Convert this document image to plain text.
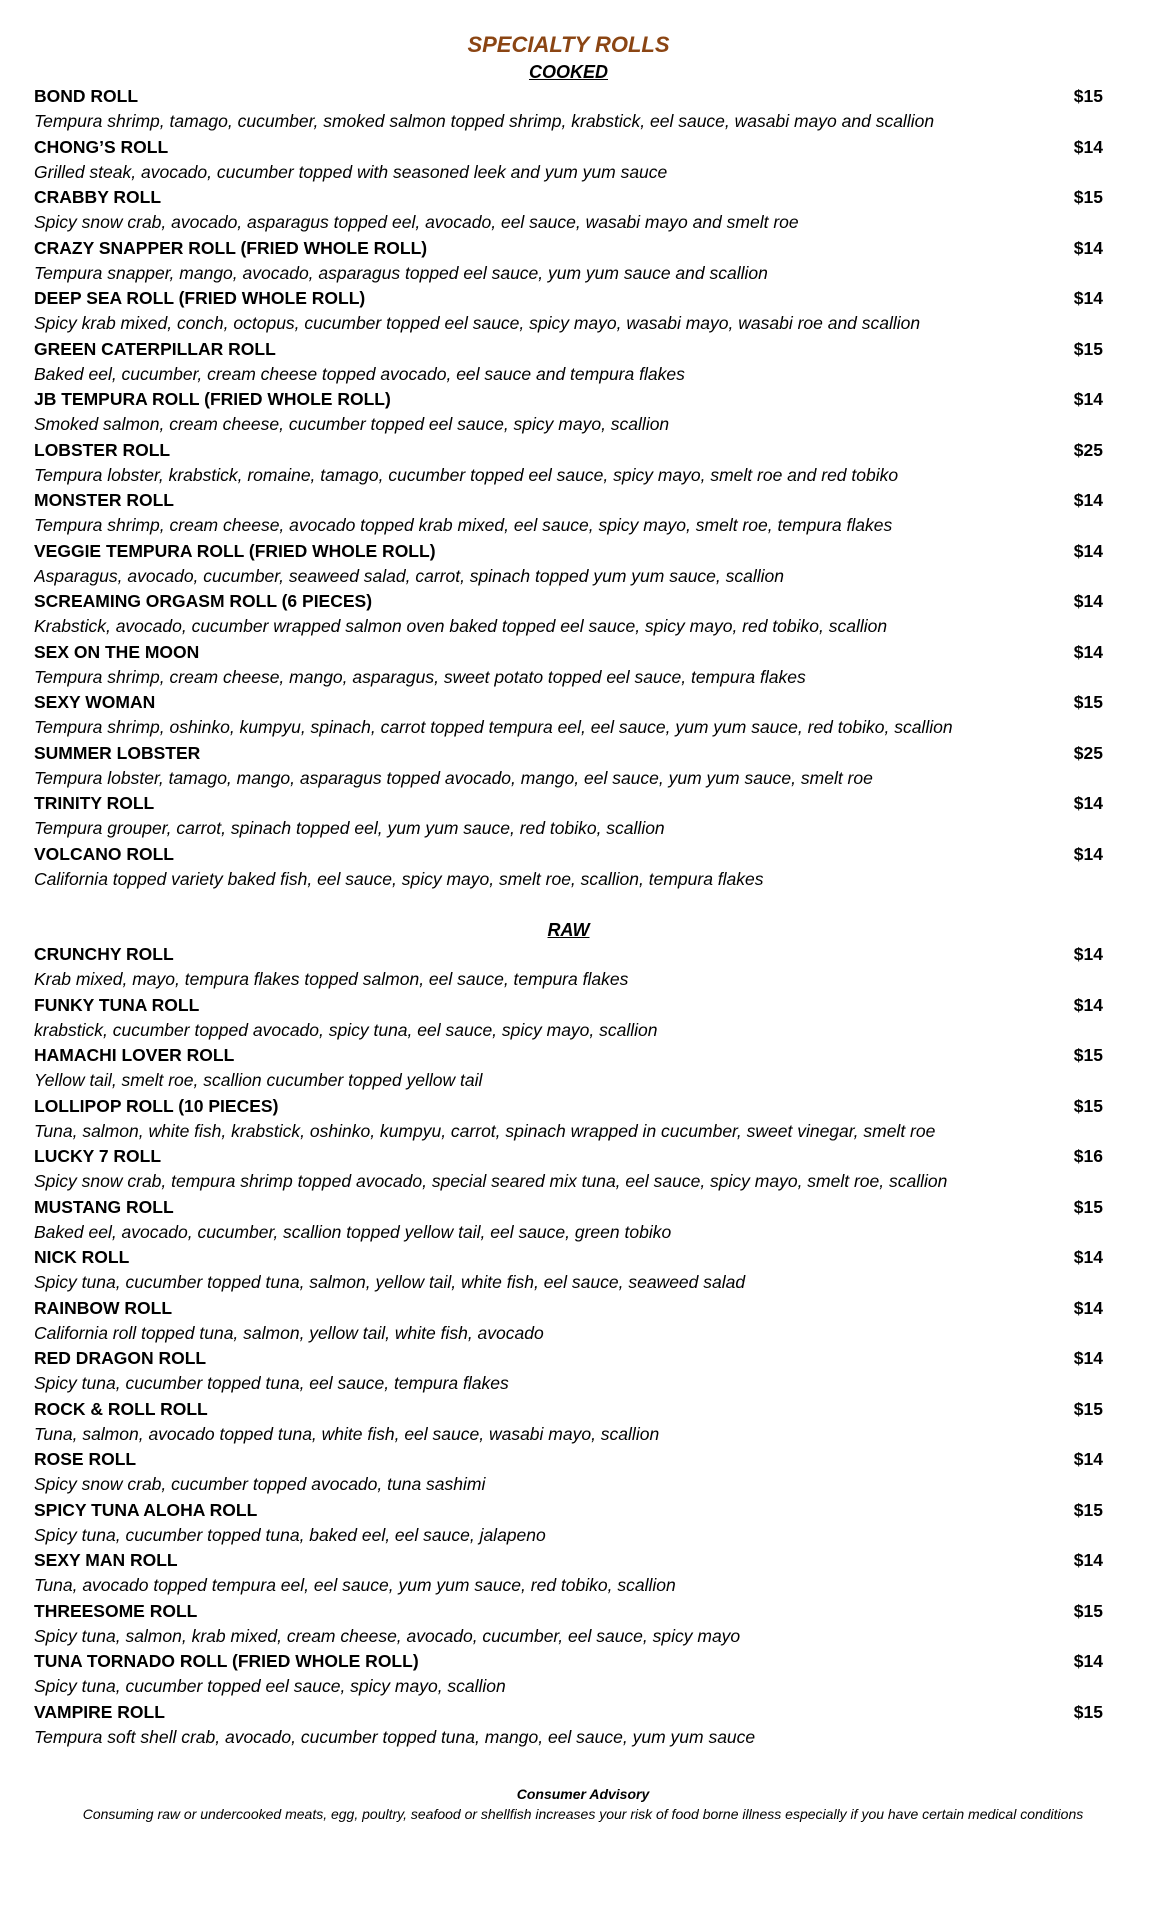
SPECIALTY ROLLS
COOKED
BOND ROLL	$15
Tempura shrimp, tamago, cucumber, smoked salmon topped shrimp, krabstick, eel sauce, wasabi mayo and scallion
CHONG’S ROLL	$14
Grilled steak, avocado, cucumber topped with seasoned leek and yum yum sauce
CRABBY ROLL	$15
Spicy snow crab, avocado, asparagus topped eel, avocado, eel sauce, wasabi mayo and smelt roe
CRAZY SNAPPER ROLL (FRIED WHOLE ROLL)	$14
Tempura snapper, mango, avocado, asparagus topped eel sauce, yum yum sauce and scallion
DEEP SEA ROLL (FRIED WHOLE ROLL)	$14
Spicy krab mixed, conch, octopus, cucumber topped eel sauce, spicy mayo, wasabi mayo, wasabi roe and scallion
GREEN CATERPILLAR ROLL	$15
Baked eel, cucumber, cream cheese topped avocado, eel sauce and tempura flakes
JB TEMPURA ROLL (FRIED WHOLE ROLL)	$14
Smoked salmon, cream cheese, cucumber topped eel sauce, spicy mayo, scallion
LOBSTER ROLL	$25
Tempura lobster, krabstick, romaine, tamago, cucumber topped eel sauce, spicy mayo, smelt roe and red tobiko
MONSTER ROLL	$14
Tempura shrimp, cream cheese, avocado topped krab mixed, eel sauce, spicy mayo, smelt roe, tempura flakes
VEGGIE TEMPURA ROLL (FRIED WHOLE ROLL)	$14
Asparagus, avocado, cucumber, seaweed salad, carrot, spinach topped yum yum sauce, scallion
SCREAMING ORGASM ROLL (6 PIECES)	$14
Krabstick, avocado, cucumber wrapped salmon oven baked topped eel sauce, spicy mayo, red tobiko, scallion
SEX ON THE MOON	$14
Tempura shrimp, cream cheese, mango, asparagus, sweet potato topped eel sauce, tempura flakes
SEXY WOMAN	$15
Tempura shrimp, oshinko, kumpyu, spinach, carrot topped tempura eel, eel sauce, yum yum sauce, red tobiko, scallion
SUMMER LOBSTER	$25
Tempura lobster, tamago, mango, asparagus topped avocado, mango, eel sauce, yum yum sauce, smelt roe
TRINITY ROLL	$14
Tempura grouper, carrot, spinach topped eel, yum yum sauce, red tobiko, scallion
VOLCANO ROLL	$14
California topped variety baked fish, eel sauce, spicy mayo, smelt roe, scallion, tempura flakes
RAW
CRUNCHY ROLL	$14
Krab mixed, mayo, tempura flakes topped salmon, eel sauce, tempura flakes
FUNKY TUNA ROLL	$14
krabstick, cucumber topped avocado, spicy tuna, eel sauce, spicy mayo, scallion
HAMACHI LOVER ROLL	$15
Yellow tail, smelt roe, scallion cucumber topped yellow tail
LOLLIPOP ROLL (10 PIECES)	$15
Tuna, salmon, white fish, krabstick, oshinko, kumpyu, carrot, spinach wrapped in cucumber, sweet vinegar, smelt roe
LUCKY 7 ROLL	$16
Spicy snow crab, tempura shrimp topped avocado, special seared mix tuna, eel sauce, spicy mayo, smelt roe, scallion
MUSTANG ROLL	$15
Baked eel, avocado, cucumber, scallion topped yellow tail, eel sauce, green tobiko
NICK ROLL	$14
Spicy tuna, cucumber topped tuna, salmon, yellow tail, white fish, eel sauce, seaweed salad
RAINBOW ROLL	$14
California roll topped tuna, salmon, yellow tail, white fish, avocado
RED DRAGON ROLL	$14
Spicy tuna, cucumber topped tuna, eel sauce, tempura flakes
ROCK & ROLL ROLL	$15
Tuna, salmon, avocado topped tuna, white fish, eel sauce, wasabi mayo, scallion
ROSE ROLL	$14
Spicy snow crab, cucumber topped avocado, tuna sashimi
SPICY TUNA ALOHA ROLL	$15
Spicy tuna, cucumber topped tuna, baked eel, eel sauce, jalapeno
SEXY MAN ROLL	$14
Tuna, avocado topped tempura eel, eel sauce, yum yum sauce, red tobiko, scallion
THREESOME ROLL	$15
Spicy tuna, salmon, krab mixed, cream cheese, avocado, cucumber, eel sauce, spicy mayo
TUNA TORNADO ROLL (FRIED WHOLE ROLL)	$14
Spicy tuna, cucumber topped eel sauce, spicy mayo, scallion
VAMPIRE ROLL	$15
Tempura soft shell crab, avocado, cucumber topped tuna, mango, eel sauce, yum yum sauce
Consumer Advisory
Consuming raw or undercooked meats, egg, poultry, seafood or shellfish increases your risk of food borne illness especially if you have certain medical conditions
